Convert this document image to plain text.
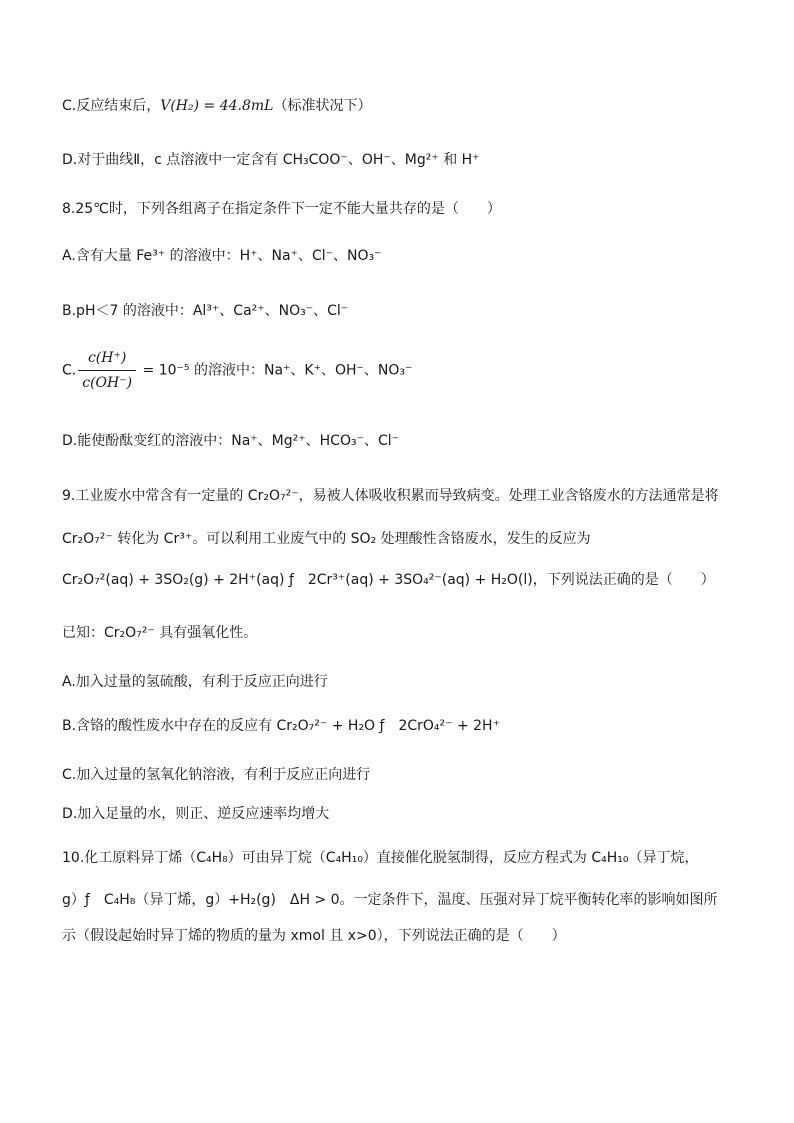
C.反应结束后，V(H₂) = 44.8mL（标准状况下）
D.对于曲线Ⅱ，c 点溶液中一定含有 CH₃COO⁻、OH⁻、Mg²⁺ 和 H⁺
8.25℃时，下列各组离子在指定条件下一定不能大量共存的是（　　）
A.含有大量 Fe³⁺ 的溶液中：H⁺、Na⁺、Cl⁻、NO₃⁻
B.pH＜7 的溶液中：Al³⁺、Ca²⁺、NO₃⁻、Cl⁻
C. $\frac{c(H^+)}{c(OH^-)} = 10^{-5}$ 的溶液中：Na⁺、K⁺、OH⁻、NO₃⁻
D.能使酚酞变红的溶液中：Na⁺、Mg²⁺、HCO₃⁻、Cl⁻
9.工业废水中常含有一定量的 Cr₂O₇²⁻，易被人体吸收积累而导致病变。处理工业含铬废水的方法通常是将
Cr₂O₇²⁻ 转化为 Cr³⁺。可以利用工业废气中的 SO₂ 处理酸性含铬废水，发生的反应为
Cr₂O₇²(aq) + 3SO₂(g) + 2H⁺(aq) ƒ　2Cr³⁺(aq) + 3SO₄²⁻(aq) + H₂O(l)，下列说法正确的是（　　）
已知：Cr₂O₇²⁻ 具有强氧化性。
A.加入过量的氢硫酸，有利于反应正向进行
B.含铬的酸性废水中存在的反应有 Cr₂O₇²⁻ + H₂O ƒ　2CrO₄²⁻ + 2H⁺
C.加入过量的氢氧化钠溶液，有利于反应正向进行
D.加入足量的水，则正、逆反应速率均增大
10.化工原料异丁烯（C₄H₈）可由异丁烷（C₄H₁₀）直接催化脱氢制得，反应方程式为 C₄H₁₀（异丁烷，
g）ƒ　C₄H₈（异丁烯，g）+H₂(g)　ΔH > 0。一定条件下，温度、压强对异丁烷平衡转化率的影响如图所
示（假设起始时异丁烯的物质的量为 xmol 且 x>0），下列说法正确的是（　　）
